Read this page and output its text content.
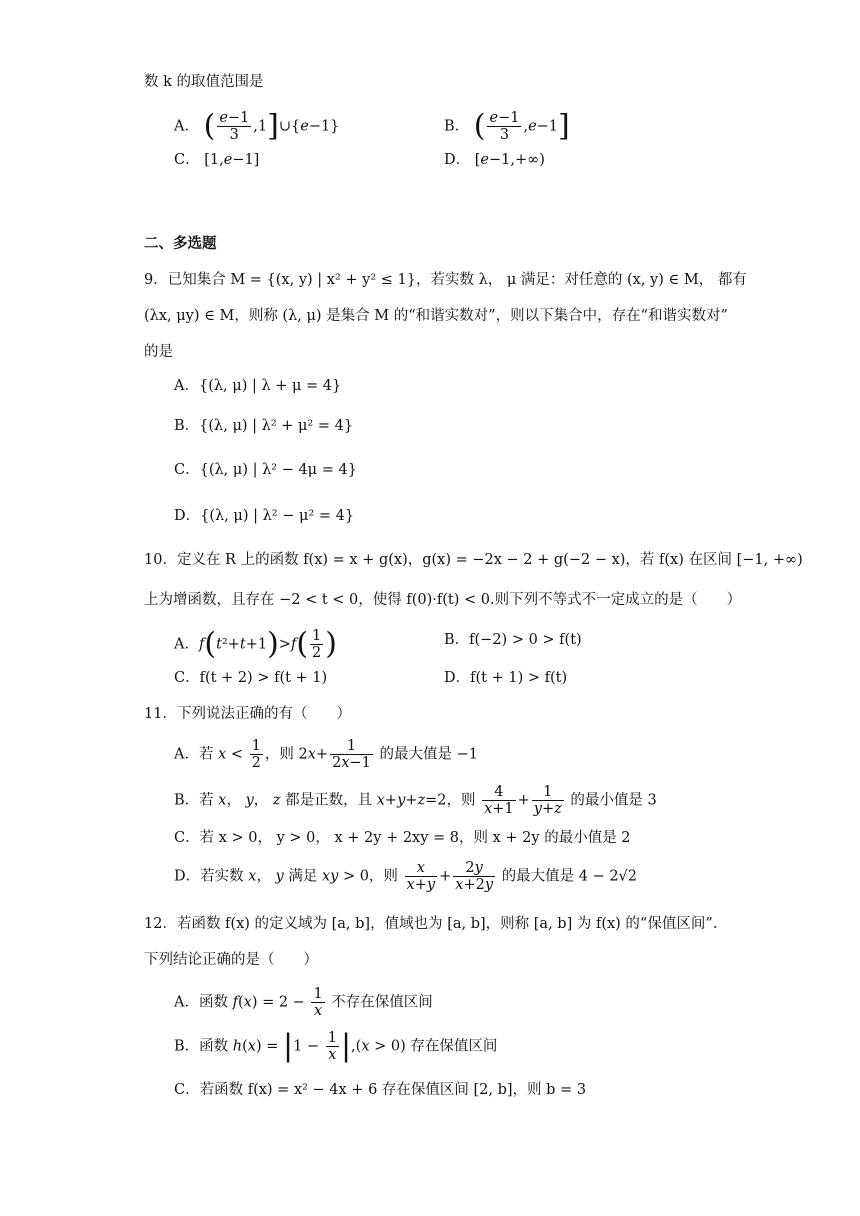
数 k 的取值范围是
A． ( $\frac{e-1}{3}$ ,1]∪{e−1}	B． ( $\frac{e-1}{3} ,e-1$]
C． [1,e−1]	D． [e−1,+∞)
二、多选题
9．已知集合 M = {(x, y) | x² + y² ≤ 1}，若实数 λ， μ 满足：对任意的 (x, y) ∈ M， 都有
(λx, μy) ∈ M，则称 (λ, μ) 是集合 M 的“和谐实数对”，则以下集合中，存在“和谐实数对”
的是
A．{(λ, μ) | λ + μ = 4}
B．{(λ, μ) | λ² + μ² = 4}
C．{(λ, μ) | λ² − 4μ = 4}
D．{(λ, μ) | λ² − μ² = 4}
10．定义在 R 上的函数 f(x) = x + g(x)，g(x) = −2x − 2 + g(−2 − x)，若 f(x) 在区间 [−1, +∞)
上为增函数，且存在 −2 < t < 0，使得 f(0)·f(t) < 0.则下列不等式不一定成立的是（　　）
A．$f(t^2+t+1)>f( \frac{1}{2}$ )	B．f(−2) > 0 > f(t)
C．f(t + 2) > f(t + 1)	D．f(t + 1) > f(t)
11．下列说法正确的有（　　）
A．若 $x < \frac{1}{2}$ ，则 $2x+ \frac{1}{2x-1}$ 的最大值是 −1
B．若 x， y， z 都是正数，且 x+y+z=2，则 $\frac{4}{x+1} + \frac{1}{y+z}$ 的最小值是 3
C．若 x > 0， y > 0， x + 2y + 2xy = 8，则 x + 2y 的最小值是 2
D．若实数 x， y 满足 xy > 0，则 $\frac{x}{x+y} + \frac{2y}{x+2y}$ 的最大值是 4 − 2√2
12．若函数 f(x) 的定义域为 [a, b]，值域也为 [a, b]，则称 [a, b] 为 f(x) 的“保值区间”.
下列结论正确的是（　　）
A．函数 $f(x) = 2 - \frac{1}{x}$ 不存在保值区间
B．函数 $h(x) = |1 - \frac{1}{x} |,(x > 0)$ 存在保值区间
C．若函数 f(x) = x² − 4x + 6 存在保值区间 [2, b]，则 b = 3
